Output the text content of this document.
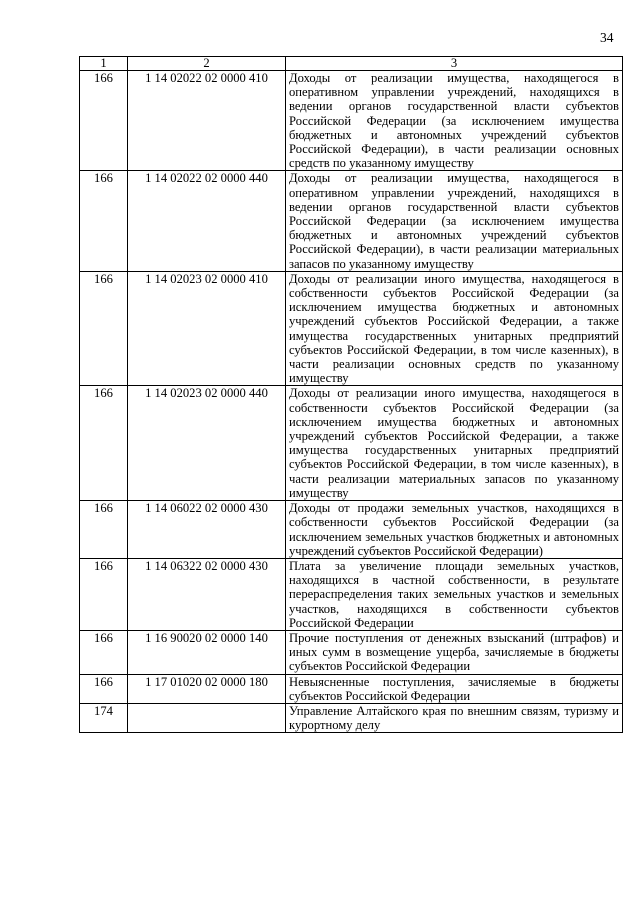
34
1	2	3
166	1 14 02022 02 0000 410	Доходы от реализации имущества, находящегося в оперативном управлении учреждений, находящихся в ведении органов государственной власти субъектов Российской Федерации (за исключением имущества бюджетных и автономных учреждений субъектов Российской Федерации), в части реализации основных средств по указанному имуществу
166	1 14 02022 02 0000 440	Доходы от реализации имущества, находящегося в оперативном управлении учреждений, находящихся в ведении органов государственной власти субъектов Российской Федерации (за исключением имущества бюджетных и автономных учреждений субъектов Российской Федерации), в части реализации материальных запасов по указанному имуществу
166	1 14 02023 02 0000 410	Доходы от реализации иного имущества, находящегося в собственности субъектов Российской Федерации (за исключением имущества бюджетных и автономных учреждений субъектов Российской Федерации, а также имущества государственных унитарных предприятий субъектов Российской Федерации, в том числе казенных), в части реализации основных средств по указанному имуществу
166	1 14 02023 02 0000 440	Доходы от реализации иного имущества, находящегося в собственности субъектов Российской Федерации (за исключением имущества бюджетных и автономных учреждений субъектов Российской Федерации, а также имущества государственных унитарных предприятий субъектов Российской Федерации, в том числе казенных), в части реализации материальных запасов по указанному имуществу
166	1 14 06022 02 0000 430	Доходы от продажи земельных участков, находящихся в собственности субъектов Российской Федерации (за исключением земельных участков бюджетных и автономных учреждений субъектов Российской Федерации)
166	1 14 06322 02 0000 430	Плата за увеличение площади земельных участков, находящихся в частной собственности, в результате перераспределения таких земельных участков и земельных участков, находящихся в собственности субъектов Российской Федерации
166	1 16 90020 02 0000 140	Прочие поступления от денежных взысканий (штрафов) и иных сумм в возмещение ущерба, зачисляемые в бюджеты субъектов Российской Федерации
166	1 17 01020 02 0000 180	Невыясненные поступления, зачисляемые в бюджеты субъектов Российской Федерации
174		Управление Алтайского края по внешним связям, туризму и курортному делу
